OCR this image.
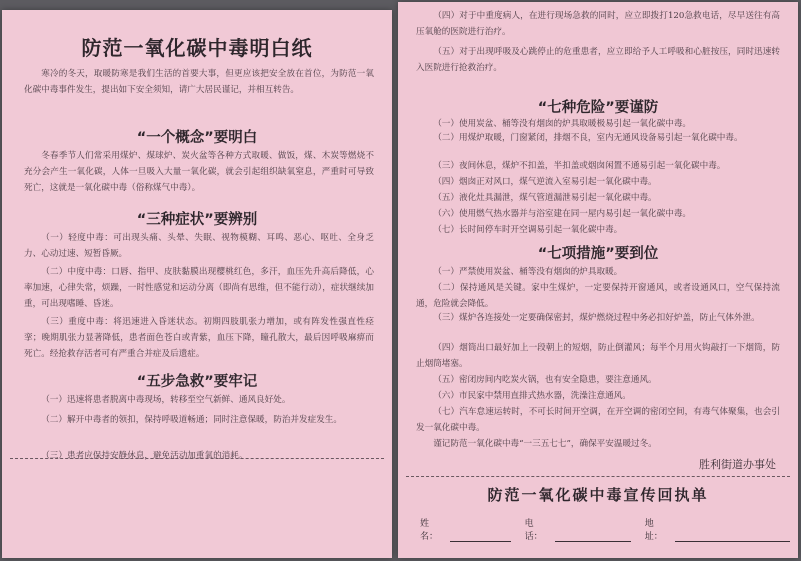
防范一氧化碳中毒明白纸

寒冷的冬天，取暖防寒是我们生活的首要大事，但更应该把安全放在首位，为防范一氧化碳中毒事件发生，提出如下安全须知，请广大居民谨记，并相互转告。

“一个概念”要明白

冬春季节人们常采用煤炉、煤球炉、炭火盆等各种方式取暖、做饭，煤、木炭等燃烧不充分会产生一氧化碳，人体一旦吸入大量一氧化碳，就会引起组织缺氧窒息，严重时可导致死亡，这就是一氧化碳中毒（俗称煤气中毒）。

“三种症状”要辨别

（一）轻度中毒：可出现头痛、头晕、失眠、视物模糊、耳鸣、恶心、呕吐、全身乏力、心动过速、短暂昏厥。

（二）中度中毒：口唇、指甲、皮肤黏膜出现樱桃红色，多汗，血压先升高后降低，心率加速，心律失常，烦躁，一时性感觉和运动分离（即尚有思维，但不能行动），症状继续加重，可出现嗜睡、昏迷。

（三）重度中毒：将迅速进入昏迷状态。初期四肢肌张力增加，或有阵发性强直性痉挛；晚期肌张力显著降低，患者面色苍白或青紫，血压下降，瞳孔散大，最后因呼吸麻痹而死亡。经抢救存活者可有严重合并症及后遗症。

“五步急救”要牢记

（一）迅速将患者脱离中毒现场，转移至空气新鲜、通风良好处。

（二）解开中毒者的领扣，保持呼吸道畅通；同时注意保暖，防治并发症发生。

（三）患者应保持安静休息，避免活动加重氧的消耗。

（四）对于中重度病人，在进行现场急救的同时，应立即拨打120急救电话，尽早送往有高压氧舱的医院进行治疗。

（五）对于出现呼吸及心跳停止的危重患者，应立即给予人工呼吸和心脏按压，同时迅速转入医院进行抢救治疗。

“七种危险”要谨防

（一）使用炭盆、桶等没有烟囱的炉具取暖极易引起一氧化碳中毒。

（二）用煤炉取暖，门窗紧闭，排烟不良，室内无通风设备易引起一氧化碳中毒。

（三）夜间休息，煤炉不扣盖，半扣盖或烟囱闲置不通易引起一氧化碳中毒。

（四）烟囱正对风口，煤气逆流入室易引起一氧化碳中毒。

（五）液化灶具漏泄，煤气管道漏泄易引起一氧化碳中毒。

（六）使用燃气热水器并与浴室建在同一屋内易引起一氧化碳中毒。

（七）长时间停车时开空调易引起一氧化碳中毒。

“七项措施”要到位

（一）严禁使用炭盆、桶等没有烟囱的炉具取暖。

（二）保持通风是关键。家中生煤炉，一定要保持开窗通风，或者设通风口，空气保持流通，危险就会降低。

（三）煤炉各连接处一定要确保密封，煤炉燃烧过程中务必扣好炉盖，防止气体外泄。

（四）烟筒出口最好加上一段朝上的短烟，防止倒灌风；每半个月用火钩敲打一下烟筒，防止烟筒堵塞。

（五）密闭房间内吃炭火锅，也有安全隐患，要注意通风。

（六）市民家中禁用直排式热水器，洗澡注意通风。

（七）汽车怠速运转时，不可长时间开空调，在开空调的密闭空间，有毒气体聚集，也会引发一氧化碳中毒。

谨记防范一氧化碳中毒“一三五七七”，确保平安温暖过冬。

胜利街道办事处
防范一氧化碳中毒宣传回执单
姓名：
电话：
地址：
